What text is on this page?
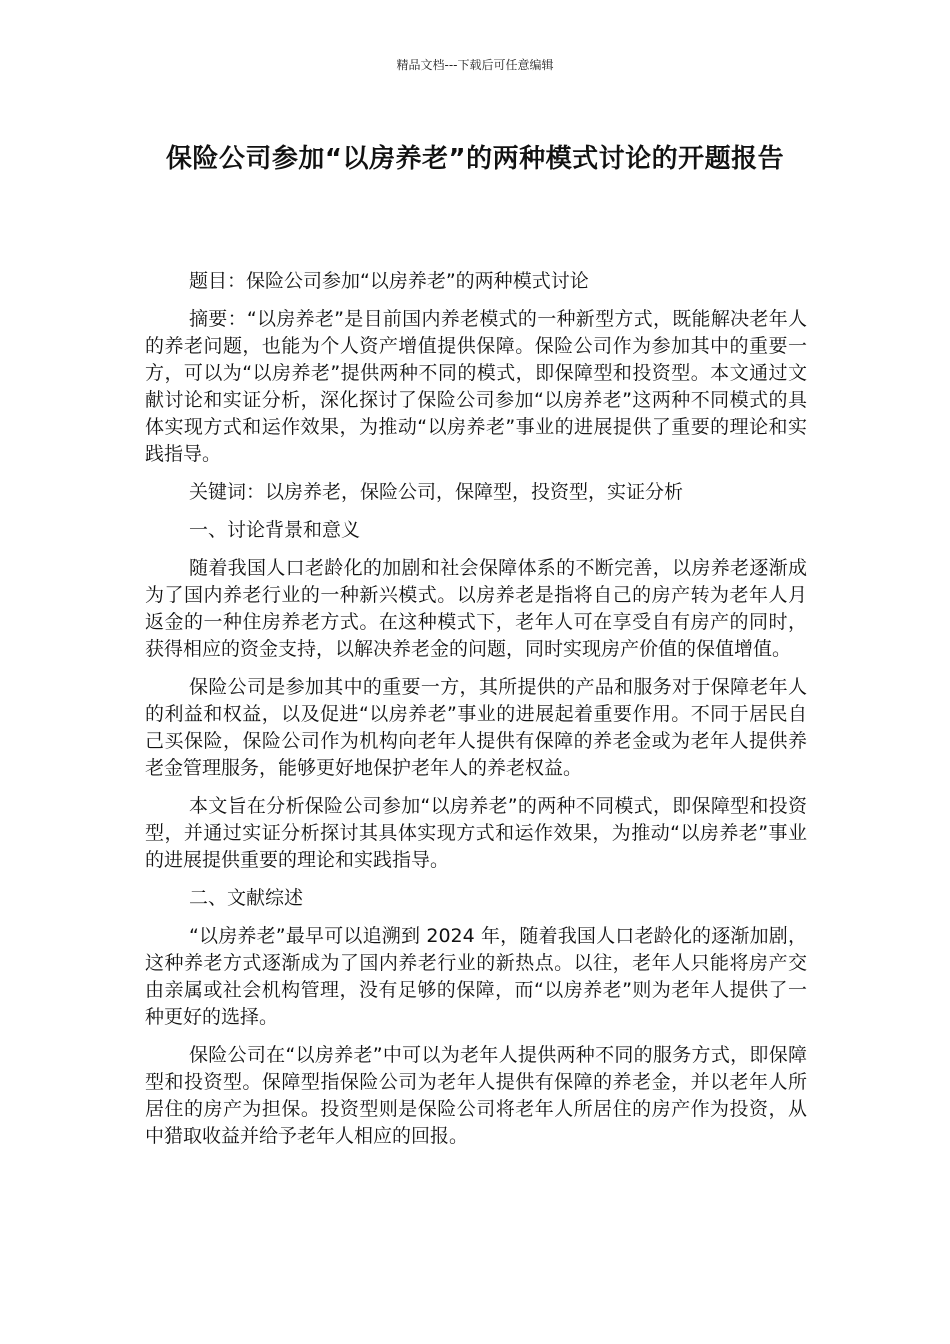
精品文档---下载后可任意编辑
保险公司参加“以房养老”的两种模式讨论的开题报告

题目：保险公司参加“以房养老”的两种模式讨论

摘要：“以房养老”是目前国内养老模式的一种新型方式，既能解决老年人的养老问题，也能为个人资产增值提供保障。保险公司作为参加其中的重要一方，可以为“以房养老”提供两种不同的模式，即保障型和投资型。本文通过文献讨论和实证分析，深化探讨了保险公司参加“以房养老”这两种不同模式的具体实现方式和运作效果，为推动“以房养老”事业的进展提供了重要的理论和实践指导。

关键词：以房养老，保险公司，保障型，投资型，实证分析

一、讨论背景和意义

随着我国人口老龄化的加剧和社会保障体系的不断完善，以房养老逐渐成为了国内养老行业的一种新兴模式。以房养老是指将自己的房产转为老年人月返金的一种住房养老方式。在这种模式下，老年人可在享受自有房产的同时，获得相应的资金支持，以解决养老金的问题，同时实现房产价值的保值增值。

保险公司是参加其中的重要一方，其所提供的产品和服务对于保障老年人的利益和权益，以及促进“以房养老”事业的进展起着重要作用。不同于居民自己买保险，保险公司作为机构向老年人提供有保障的养老金或为老年人提供养老金管理服务，能够更好地保护老年人的养老权益。

本文旨在分析保险公司参加“以房养老”的两种不同模式，即保障型和投资型，并通过实证分析探讨其具体实现方式和运作效果，为推动“以房养老”事业的进展提供重要的理论和实践指导。

二、文献综述

“以房养老”最早可以追溯到 2024 年，随着我国人口老龄化的逐渐加剧，这种养老方式逐渐成为了国内养老行业的新热点。以往，老年人只能将房产交由亲属或社会机构管理，没有足够的保障，而“以房养老”则为老年人提供了一种更好的选择。

保险公司在“以房养老”中可以为老年人提供两种不同的服务方式，即保障型和投资型。保障型指保险公司为老年人提供有保障的养老金，并以老年人所居住的房产为担保。投资型则是保险公司将老年人所居住的房产作为投资，从中猎取收益并给予老年人相应的回报。
